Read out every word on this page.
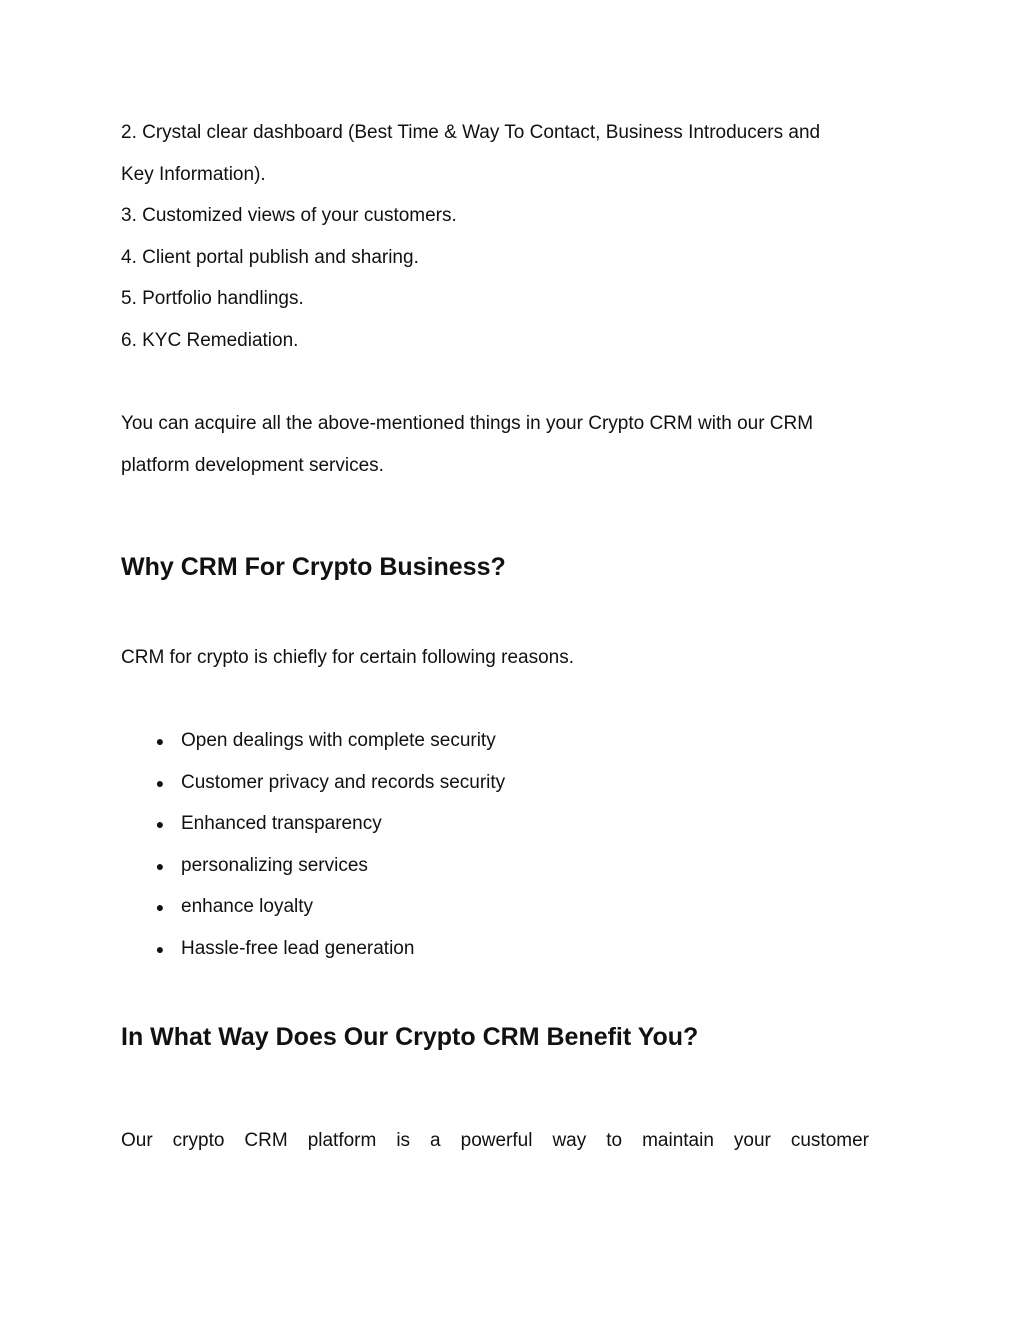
2. Crystal clear dashboard (Best Time & Way To Contact, Business Introducers and
Key Information).
3. Customized views of your customers.
4. Client portal publish and sharing.
5. Portfolio handlings.
6. KYC Remediation.
You can acquire all the above-mentioned things in your Crypto CRM with our CRM
platform development services.
Why CRM For Crypto Business?
CRM for crypto is chiefly for certain following reasons.
● Open dealings with complete security
● Customer privacy and records security
● Enhanced transparency
● personalizing services
● enhance loyalty
● Hassle-free lead generation
In What Way Does Our Crypto CRM Benefit You?
Our crypto CRM platform is a powerful way to maintain your customer
